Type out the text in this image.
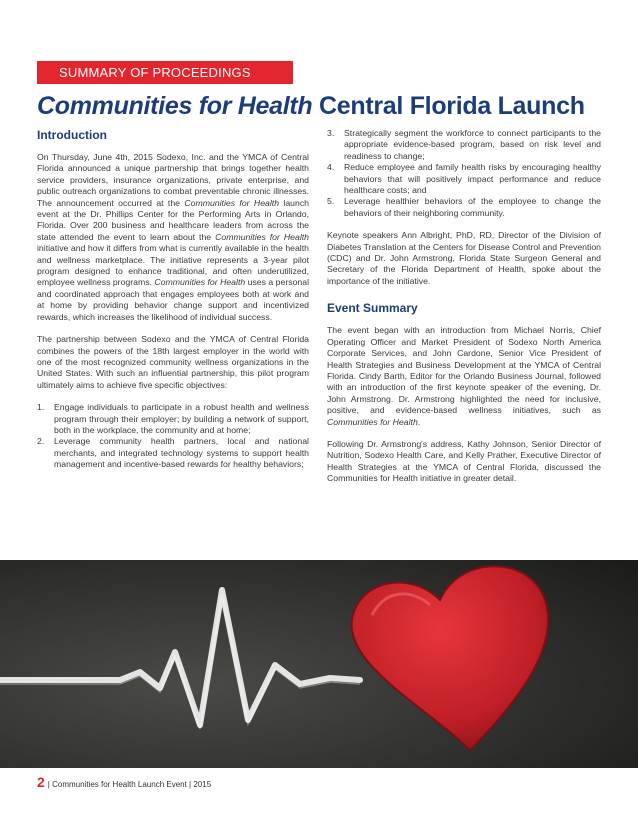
SUMMARY OF PROCEEDINGS
Communities for Health Central Florida Launch
Introduction

On Thursday, June 4th, 2015 Sodexo, Inc. and the YMCA of Central Florida announced a unique partnership that brings together health service providers, insurance organizations, private enterprise, and public outreach organizations to combat preventable chronic illnesses. The announcement occurred at the Communities for Health launch event at the Dr. Phillips Center for the Performing Arts in Orlando, Florida. Over 200 business and healthcare leaders from across the state attended the event to learn about the Communities for Health initiative and how it differs from what is currently available in the health and wellness marketplace. The initiative represents a 3-year pilot program designed to enhance traditional, and often underutilized, employee wellness programs. Communities for Health uses a personal and coordinated approach that engages employees both at work and at home by providing behavior change support and incentivized rewards, which increases the likelihood of individual success.

The partnership between Sodexo and the YMCA of Central Florida combines the powers of the 18th largest employer in the world with one of the most recognized community wellness organizations in the United States. With such an influential partnership, this pilot program ultimately aims to achieve five specific objectives:

1.	Engage individuals to participate in a robust health and wellness program through their employer; by building a network of support, both in the workplace, the community and at home;
2.	Leverage community health partners, local and national merchants, and integrated technology systems to support health management and incentive-based rewards for healthy behaviors;
3.	Strategically segment the workforce to connect participants to the appropriate evidence-based program, based on risk level and readiness to change;
4.	Reduce employee and family health risks by encouraging healthy behaviors that will positively impact performance and reduce healthcare costs; and
5.	Leverage healthier behaviors of the employee to change the behaviors of their neighboring community.

Keynote speakers Ann Albright, PhD, RD, Director of the Division of Diabetes Translation at the Centers for Disease Control and Prevention (CDC) and Dr. John Armstrong, Florida State Surgeon General and Secretary of the Florida Department of Health, spoke about the importance of the initiative.

Event Summary

The event began with an introduction from Michael Norris, Chief Operating Officer and Market President of Sodexo North America Corporate Services, and John Cardone, Senior Vice President of Health Strategies and Business Development at the YMCA of Central Florida. Cindy Barth, Editor for the Orlando Business Journal, followed with an introduction of the first keynote speaker of the evening, Dr. John Armstrong. Dr. Armstrong highlighted the need for inclusive, positive, and evidence-based wellness initiatives, such as Communities for Health.

Following Dr. Armstrong's address, Kathy Johnson, Senior Director of Nutrition, Sodexo Health Care, and Kelly Prather, Executive Director of Health Strategies at the YMCA of Central Florida, discussed the Communities for Health initiative in greater detail.

2 | Communities for Health Launch Event | 2015
